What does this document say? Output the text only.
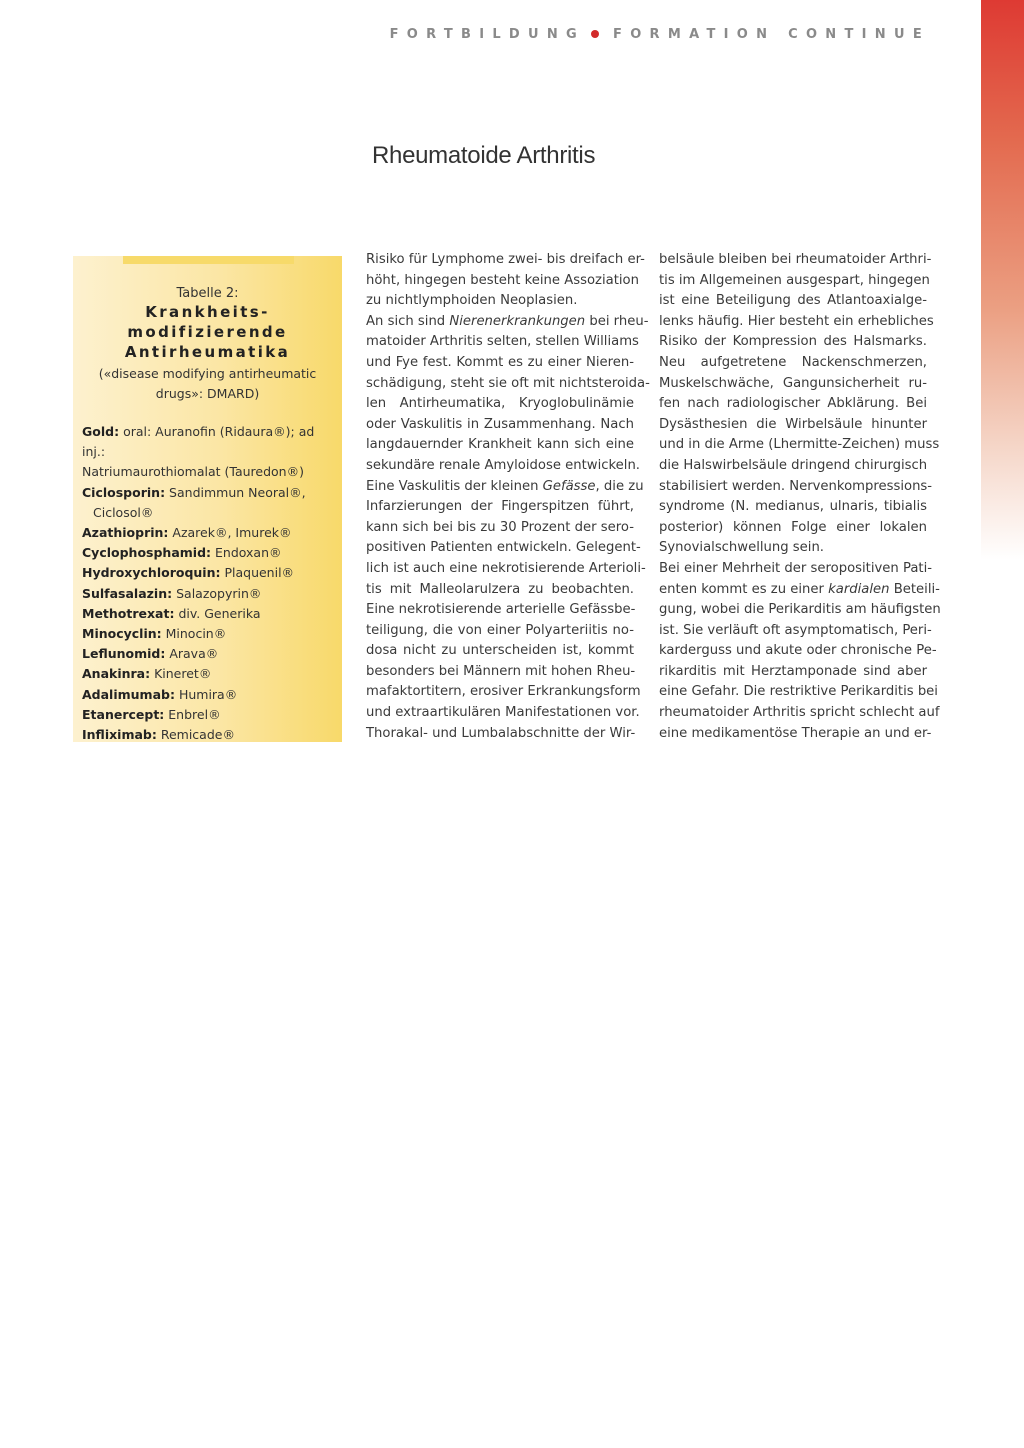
FORTBILDUNG FORMATION CONTINUE
Rheumatoide Arthritis
Tabelle 2:
Krankheits-
modifizierende
Antirheumatika
(«disease modifying antirheumatic
drugs»: DMARD)
Gold: oral: Auranofin (Ridaura®); ad inj.:
Natriumaurothiomalat (Tauredon®)
Ciclosporin: Sandimmun Neoral®,
Ciclosol®
Azathioprin: Azarek®, Imurek®
Cyclophosphamid: Endoxan®
Hydroxychloroquin: Plaquenil®
Sulfasalazin: Salazopyrin®
Methotrexat: div. Generika
Minocyclin: Minocin®
Leflunomid: Arava®
Anakinra: Kineret®
Adalimumab: Humira®
Etanercept: Enbrel®
Infliximab: Remicade®
Risiko für Lymphome zwei- bis dreifach er-
höht, hingegen besteht keine Assoziation
zu nichtlymphoiden Neoplasien.
An sich sind Nierenerkrankungen bei rheu-
matoider Arthritis selten, stellen Williams
und Fye fest. Kommt es zu einer Nieren-
schädigung, steht sie oft mit nichtsteroida-
len Antirheumatika, Kryoglobulinämie
oder Vaskulitis in Zusammenhang. Nach
langdauernder Krankheit kann sich eine
sekundäre renale Amyloidose entwickeln.
Eine Vaskulitis der kleinen Gefässe, die zu
Infarzierungen der Fingerspitzen führt,
kann sich bei bis zu 30 Prozent der sero-
positiven Patienten entwickeln. Gelegent-
lich ist auch eine nekrotisierende Arterioli-
tis mit Malleolarulzera zu beobachten.
Eine nekrotisierende arterielle Gefässbe-
teiligung, die von einer Polyarteriitis no-
dosa nicht zu unterscheiden ist, kommt
besonders bei Männern mit hohen Rheu-
mafaktortitern, erosiver Erkrankungsform
und extraartikulären Manifestationen vor.
Thorakal- und Lumbalabschnitte der Wir-
belsäule bleiben bei rheumatoider Arthri-
tis im Allgemeinen ausgespart, hingegen
ist eine Beteiligung des Atlantoaxialge-
lenks häufig. Hier besteht ein erhebliches
Risiko der Kompression des Halsmarks.
Neu aufgetretene Nackenschmerzen,
Muskelschwäche, Gangunsicherheit ru-
fen nach radiologischer Abklärung. Bei
Dysästhesien die Wirbelsäule hinunter
und in die Arme (Lhermitte-Zeichen) muss
die Halswirbelsäule dringend chirurgisch
stabilisiert werden. Nervenkompressions-
syndrome (N. medianus, ulnaris, tibialis
posterior) können Folge einer lokalen
Synovialschwellung sein.
Bei einer Mehrheit der seropositiven Pati-
enten kommt es zu einer kardialen Beteili-
gung, wobei die Perikarditis am häufigsten
ist. Sie verläuft oft asymptomatisch, Peri-
karderguss und akute oder chronische Pe-
rikarditis mit Herztamponade sind aber
eine Gefahr. Die restriktive Perikarditis bei
rheumatoider Arthritis spricht schlecht auf
eine medikamentöse Therapie an und er-
